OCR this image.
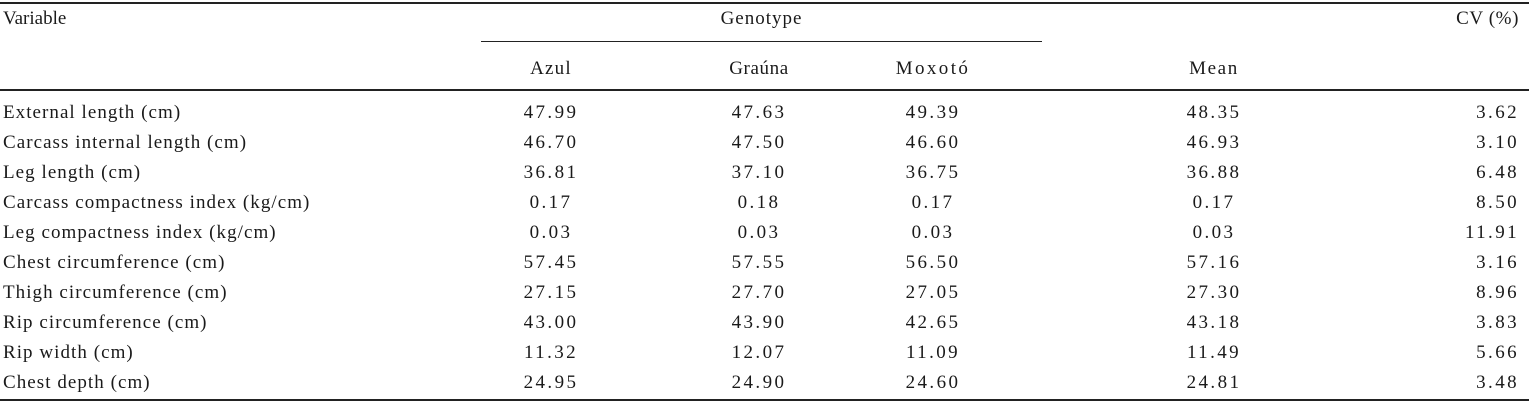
Variable	Genotype	CV (%)
Azul	Graúna	Moxotó	Mean
External length (cm)	47.99	47.63	49.39	48.35	3.62
Carcass internal length (cm)	46.70	47.50	46.60	46.93	3.10
Leg length (cm)	36.81	37.10	36.75	36.88	6.48
Carcass compactness index (kg/cm)	0.17	0.18	0.17	0.17	8.50
Leg compactness index (kg/cm)	0.03	0.03	0.03	0.03	11.91
Chest circumference (cm)	57.45	57.55	56.50	57.16	3.16
Thigh circumference (cm)	27.15	27.70	27.05	27.30	8.96
Rip circumference (cm)	43.00	43.90	42.65	43.18	3.83
Rip width (cm)	11.32	12.07	11.09	11.49	5.66
Chest depth (cm)	24.95	24.90	24.60	24.81	3.48
